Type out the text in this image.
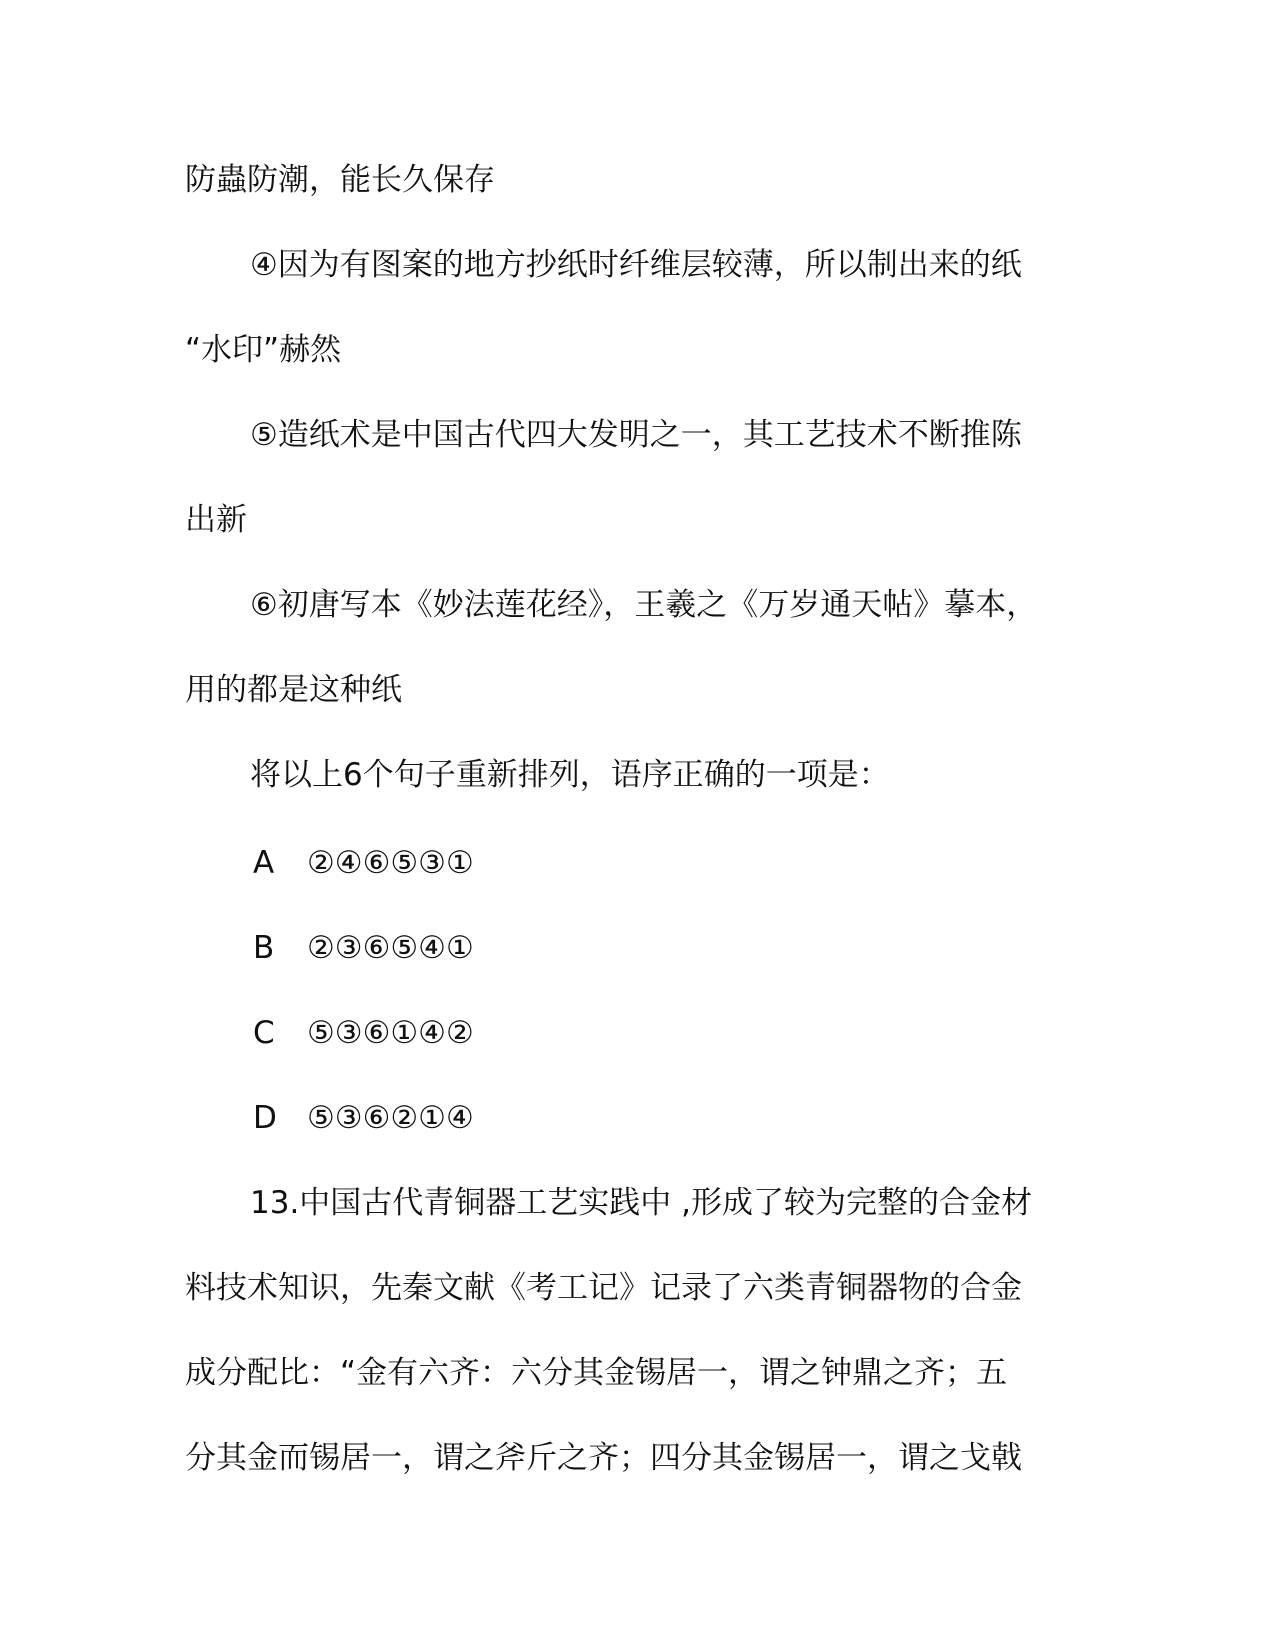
防蟲防潮，能长久保存
④因为有图案的地方抄纸时纤维层较薄，所以制出来的纸
“水印”赫然
⑤造纸术是中国古代四大发明之一，其工艺技术不断推陈
出新
⑥初唐写本《妙法莲花经》，王羲之《万岁通天帖》摹本，
用的都是这种纸
将以上6个句子重新排列，语序正确的一项是：
A ②④⑥⑤③①
B ②③⑥⑤④①
C ⑤③⑥①④②
D ⑤③⑥②①④
13.中国古代青铜器工艺实践中 ,形成了较为完整的合金材
料技术知识，先秦文献《考工记》记录了六类青铜器物的合金
成分配比：“金有六齐：六分其金锡居一，谓之钟鼎之齐；五
分其金而锡居一，谓之斧斤之齐；四分其金锡居一，谓之戈戟
